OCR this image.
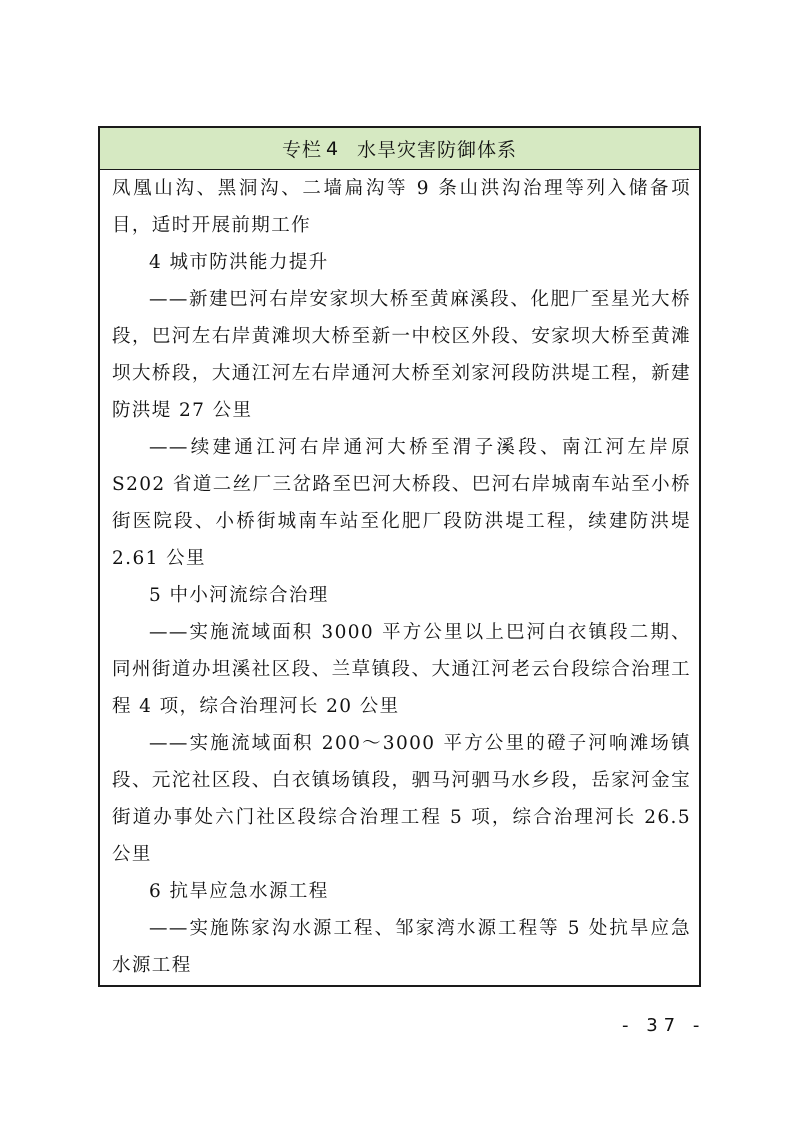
专栏 4 水旱灾害防御体系

凤凰山沟、黑洞沟、二墙扁沟等 9 条山洪沟治理等列入储备项目，适时开展前期工作

4 城市防洪能力提升

——新建巴河右岸安家坝大桥至黄麻溪段、化肥厂至星光大桥段，巴河左右岸黄滩坝大桥至新一中校区外段、安家坝大桥至黄滩坝大桥段，大通江河左右岸通河大桥至刘家河段防洪堤工程，新建防洪堤 27 公里

——续建通江河右岸通河大桥至渭子溪段、南江河左岸原 S202 省道二丝厂三岔路至巴河大桥段、巴河右岸城南车站至小桥街医院段、小桥街城南车站至化肥厂段防洪堤工程，续建防洪堤 2.61 公里

5 中小河流综合治理

——实施流域面积 3000 平方公里以上巴河白衣镇段二期、同州街道办坦溪社区段、兰草镇段、大通江河老云台段综合治理工程 4 项，综合治理河长 20 公里

——实施流域面积 200～3000 平方公里的磴子河响滩场镇段、元沱社区段、白衣镇场镇段，驷马河驷马水乡段，岳家河金宝街道办事处六门社区段综合治理工程 5 项，综合治理河长 26.5 公里

6 抗旱应急水源工程

——实施陈家沟水源工程、邹家湾水源工程等 5 处抗旱应急水源工程

- 37 -
